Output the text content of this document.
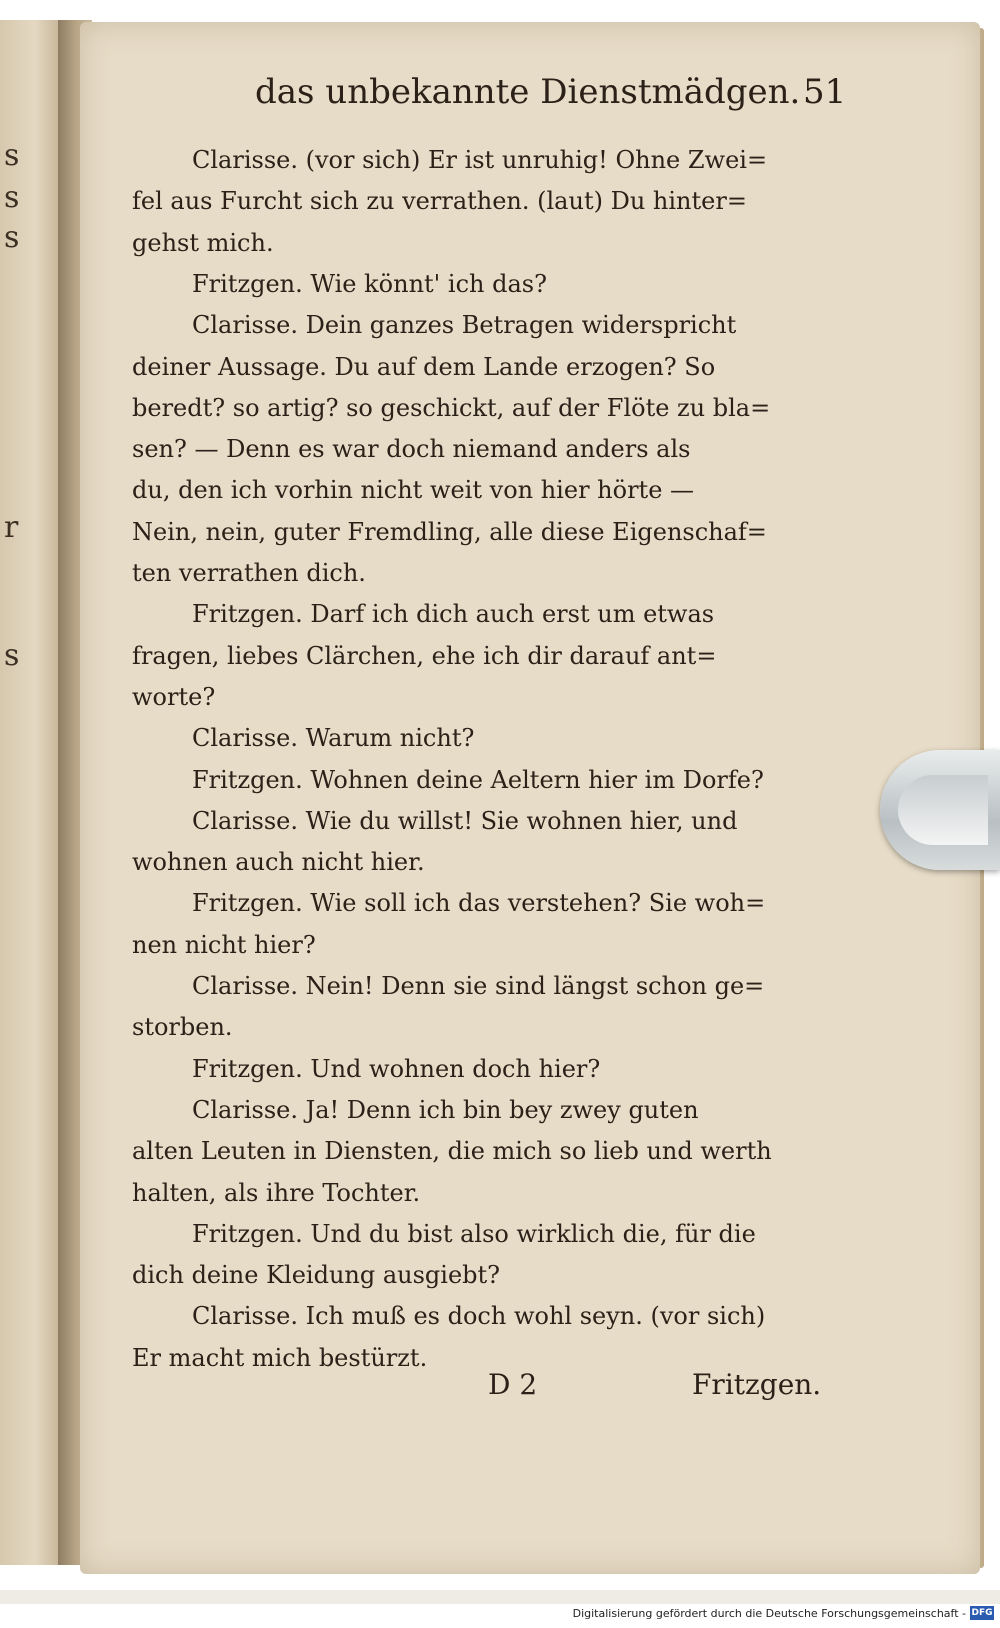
s
s
s
r
s
das unbekannte Dienstmädgen. 51
Clarisse. (vor sich) Er ist unruhig! Ohne Zwei=
fel aus Furcht sich zu verrathen. (laut) Du hinter=
gehst mich.
Fritzgen. Wie könnt' ich das?
Clarisse. Dein ganzes Betragen widerspricht
deiner Aussage. Du auf dem Lande erzogen? So
beredt? so artig? so geschickt, auf der Flöte zu bla=
sen? — Denn es war doch niemand anders als
du, den ich vorhin nicht weit von hier hörte —
Nein, nein, guter Fremdling, alle diese Eigenschaf=
ten verrathen dich.
Fritzgen. Darf ich dich auch erst um etwas
fragen, liebes Clärchen, ehe ich dir darauf ant=
worte?
Clarisse. Warum nicht?
Fritzgen. Wohnen deine Aeltern hier im Dorfe?
Clarisse. Wie du willst! Sie wohnen hier, und
wohnen auch nicht hier.
Fritzgen. Wie soll ich das verstehen? Sie woh=
nen nicht hier?
Clarisse. Nein! Denn sie sind längst schon ge=
storben.
Fritzgen. Und wohnen doch hier?
Clarisse. Ja! Denn ich bin bey zwey guten
alten Leuten in Diensten, die mich so lieb und werth
halten, als ihre Tochter.
Fritzgen. Und du bist also wirklich die, für die
dich deine Kleidung ausgiebt?
Clarisse. Ich muß es doch wohl seyn. (vor sich)
Er macht mich bestürzt.
D 2	Fritzgen.
Digitalisierung gefördert durch die Deutsche Forschungsgemeinschaft - DFG
